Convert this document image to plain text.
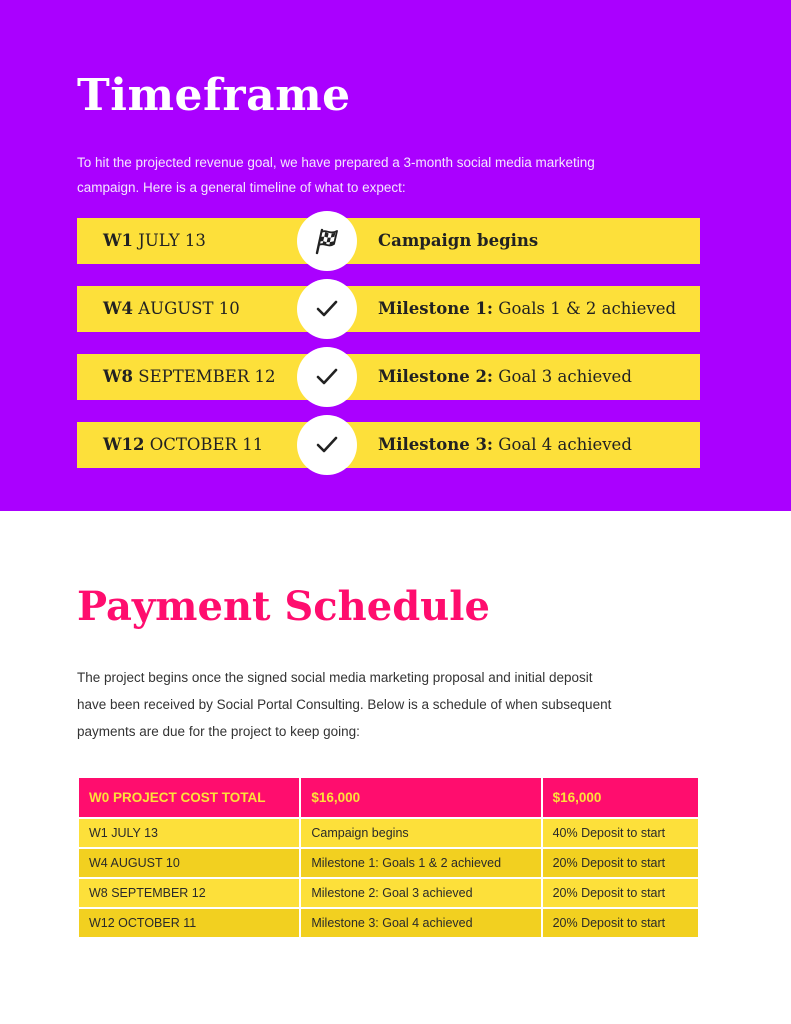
Timeframe

To hit the projected revenue goal, we have prepared a 3-month social media marketing campaign. Here is a general timeline of what to expect:

W1 JULY 13	Campaign begins
W4 AUGUST 10	Milestone 1: Goals 1 & 2 achieved
W8 SEPTEMBER 12	Milestone 2: Goal 3 achieved
W12 OCTOBER 11	Milestone 3: Goal 4 achieved
Payment Schedule

The project begins once the signed social media marketing proposal and initial deposit have been received by Social Portal Consulting. Below is a schedule of when subsequent payments are due for the project to keep going:

W0 PROJECT COST TOTAL	$16,000	$16,000
W1 JULY 13	Campaign begins	40% Deposit to start
W4 AUGUST 10	Milestone 1: Goals 1 & 2 achieved	20% Deposit to start
W8 SEPTEMBER 12	Milestone 2: Goal 3 achieved	20% Deposit to start
W12 OCTOBER 11	Milestone 3: Goal 4 achieved	20% Deposit to start
